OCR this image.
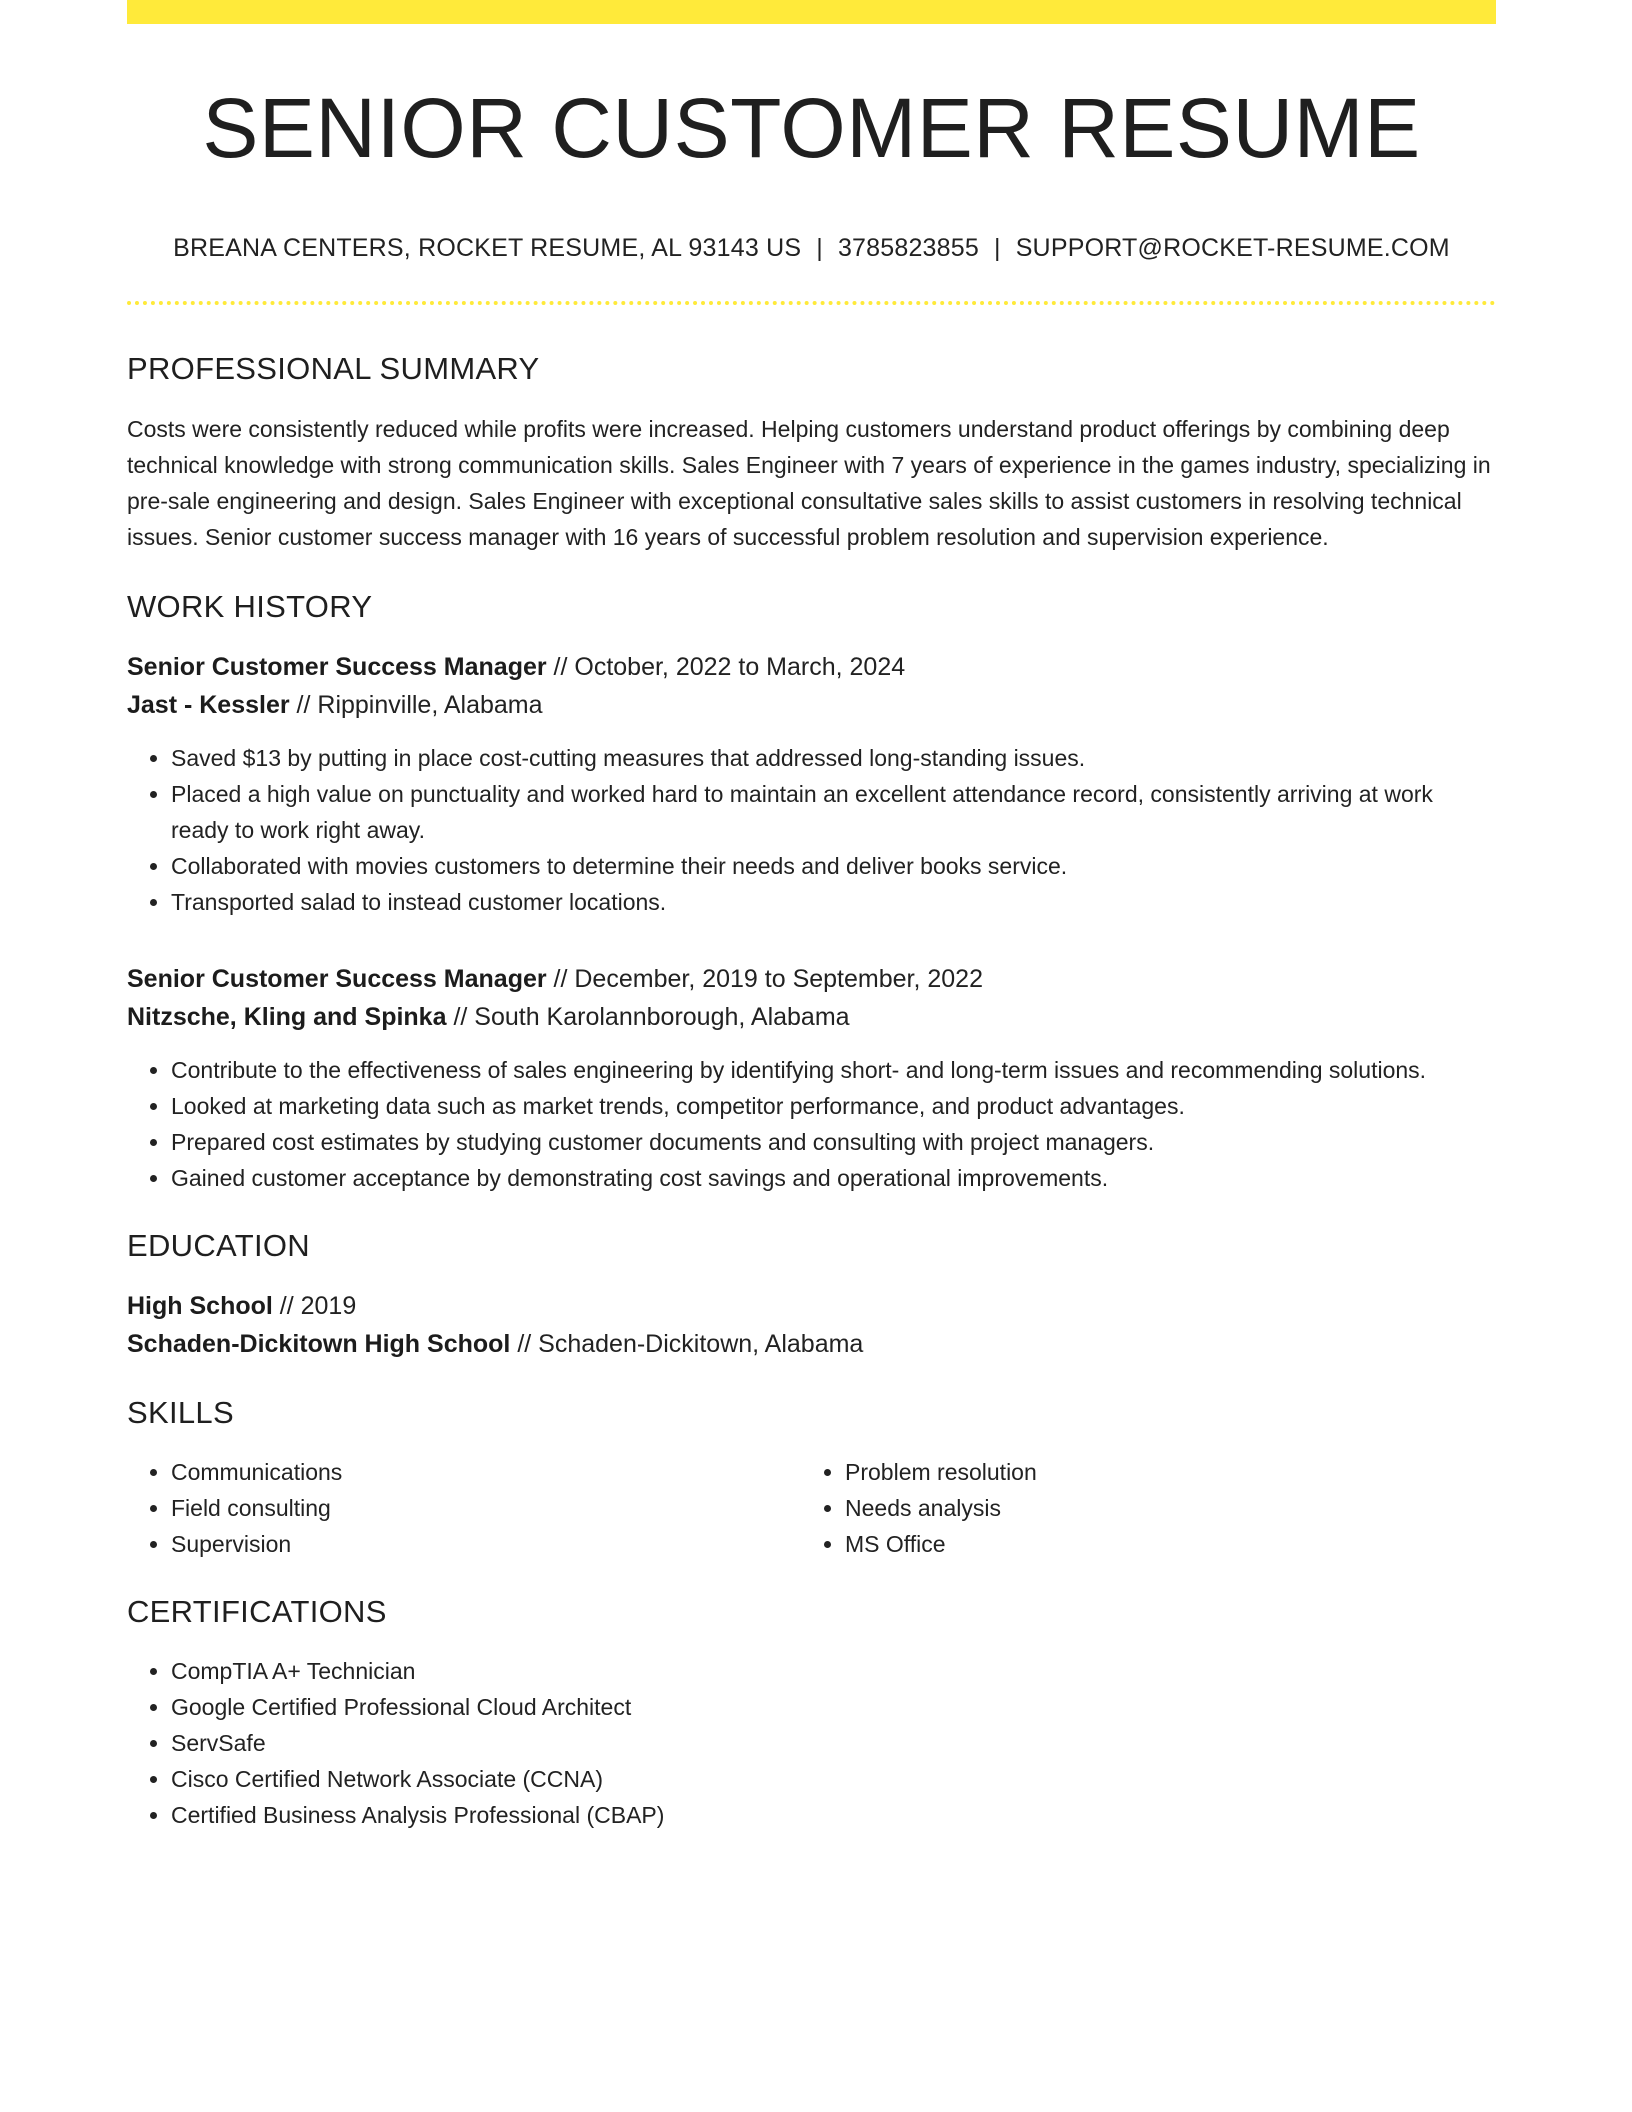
SENIOR CUSTOMER RESUME
BREANA CENTERS, ROCKET RESUME, AL 93143 US | 3785823855 | SUPPORT@ROCKET-RESUME.COM
PROFESSIONAL SUMMARY

Costs were consistently reduced while profits were increased. Helping customers understand product offerings by combining deep technical knowledge with strong communication skills. Sales Engineer with 7 years of experience in the games industry, specializing in pre-sale engineering and design. Sales Engineer with exceptional consultative sales skills to assist customers in resolving technical issues. Senior customer success manager with 16 years of successful problem resolution and supervision experience.

WORK HISTORY
Senior Customer Success Manager // October, 2022 to March, 2024
Jast - Kessler // Rippinville, Alabama
• Saved $13 by putting in place cost-cutting measures that addressed long-standing issues.
• Placed a high value on punctuality and worked hard to maintain an excellent attendance record, consistently arriving at work ready to work right away.
• Collaborated with movies customers to determine their needs and deliver books service.
• Transported salad to instead customer locations.
Senior Customer Success Manager // December, 2019 to September, 2022
Nitzsche, Kling and Spinka // South Karolannborough, Alabama
• Contribute to the effectiveness of sales engineering by identifying short- and long-term issues and recommending solutions.
• Looked at marketing data such as market trends, competitor performance, and product advantages.
• Prepared cost estimates by studying customer documents and consulting with project managers.
• Gained customer acceptance by demonstrating cost savings and operational improvements.
EDUCATION
High School // 2019
Schaden-Dickitown High School // Schaden-Dickitown, Alabama
SKILLS
• Communications
• Field consulting
• Supervision
• Problem resolution
• Needs analysis
• MS Office
CERTIFICATIONS
• CompTIA A+ Technician
• Google Certified Professional Cloud Architect
• ServSafe
• Cisco Certified Network Associate (CCNA)
• Certified Business Analysis Professional (CBAP)
